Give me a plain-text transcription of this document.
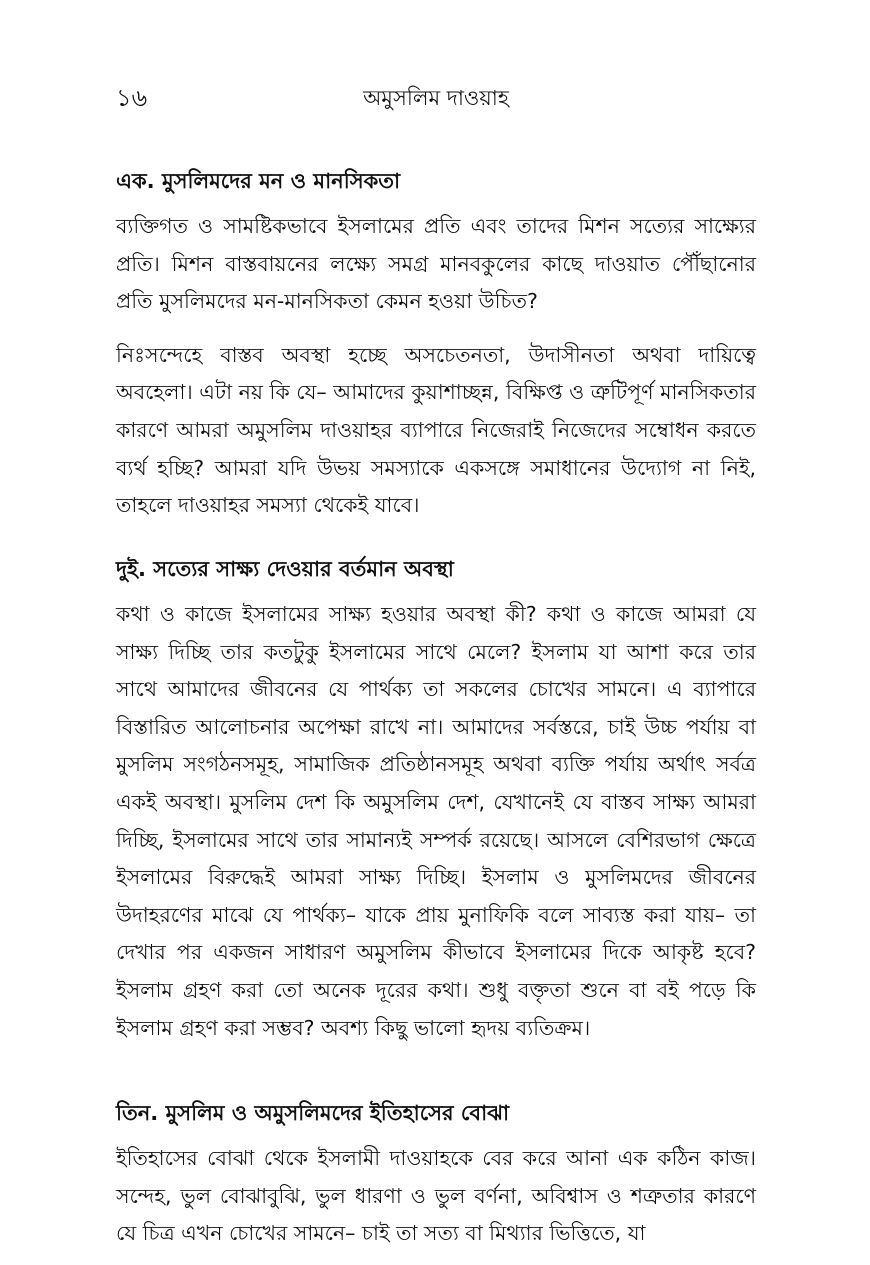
১৬	অমুসলিম দাওয়াহ
এক. মুসলিমদের মন ও মানসিকতা

ব্যক্তিগত ও সামষ্টিকভাবে ইসলামের প্রতি এবং তাদের মিশন সত্যের সাক্ষ্যের প্রতি। মিশন বাস্তবায়নের লক্ষ্যে সমগ্র মানবকুলের কাছে দাওয়াত পৌঁছানোর প্রতি মুসলিমদের মন-মানসিকতা কেমন হওয়া উচিত?

নিঃসন্দেহে বাস্তব অবস্থা হচ্ছে অসচেতনতা, উদাসীনতা অথবা দায়িত্বে অবহেলা। এটা নয় কি যে– আমাদের কুয়াশাচ্ছন্ন, বিক্ষিপ্ত ও ত্রুটিপূর্ণ মানসিকতার কারণে আমরা অমুসলিম দাওয়াহর ব্যাপারে নিজেরাই নিজেদের সম্বোধন করতে ব্যর্থ হচ্ছি? আমরা যদি উভয় সমস্যাকে একসঙ্গে সমাধানের উদ্যোগ না নিই, তাহলে দাওয়াহর সমস্যা থেকেই যাবে।

দুই. সত্যের সাক্ষ্য দেওয়ার বর্তমান অবস্থা

কথা ও কাজে ইসলামের সাক্ষ্য হওয়ার অবস্থা কী? কথা ও কাজে আমরা যে সাক্ষ্য দিচ্ছি তার কতটুকু ইসলামের সাথে মেলে? ইসলাম যা আশা করে তার সাথে আমাদের জীবনের যে পার্থক্য তা সকলের চোখের সামনে। এ ব্যাপারে বিস্তারিত আলোচনার অপেক্ষা রাখে না। আমাদের সর্বস্তরে, চাই উচ্চ পর্যায় বা মুসলিম সংগঠনসমূহ, সামাজিক প্রতিষ্ঠানসমূহ অথবা ব্যক্তি পর্যায় অর্থাৎ সর্বত্র একই অবস্থা। মুসলিম দেশ কি অমুসলিম দেশ, যেখানেই যে বাস্তব সাক্ষ্য আমরা দিচ্ছি, ইসলামের সাথে তার সামান্যই সম্পর্ক রয়েছে। আসলে বেশিরভাগ ক্ষেত্রে ইসলামের বিরুদ্ধেই আমরা সাক্ষ্য দিচ্ছি। ইসলাম ও মুসলিমদের জীবনের উদাহরণের মাঝে যে পার্থক্য– যাকে প্রায় মুনাফিকি বলে সাব্যস্ত করা যায়– তা দেখার পর একজন সাধারণ অমুসলিম কীভাবে ইসলামের দিকে আকৃষ্ট হবে? ইসলাম গ্রহণ করা তো অনেক দূরের কথা। শুধু বক্তৃতা শুনে বা বই পড়ে কি ইসলাম গ্রহণ করা সম্ভব? অবশ্য কিছু ভালো হৃদয় ব্যতিক্রম।

তিন. মুসলিম ও অমুসলিমদের ইতিহাসের বোঝা

ইতিহাসের বোঝা থেকে ইসলামী দাওয়াহকে বের করে আনা এক কঠিন কাজ। সন্দেহ, ভুল বোঝাবুঝি, ভুল ধারণা ও ভুল বর্ণনা, অবিশ্বাস ও শত্রুতার কারণে যে চিত্র এখন চোখের সামনে– চাই তা সত্য বা মিথ্যার ভিত্তিতে, যা
